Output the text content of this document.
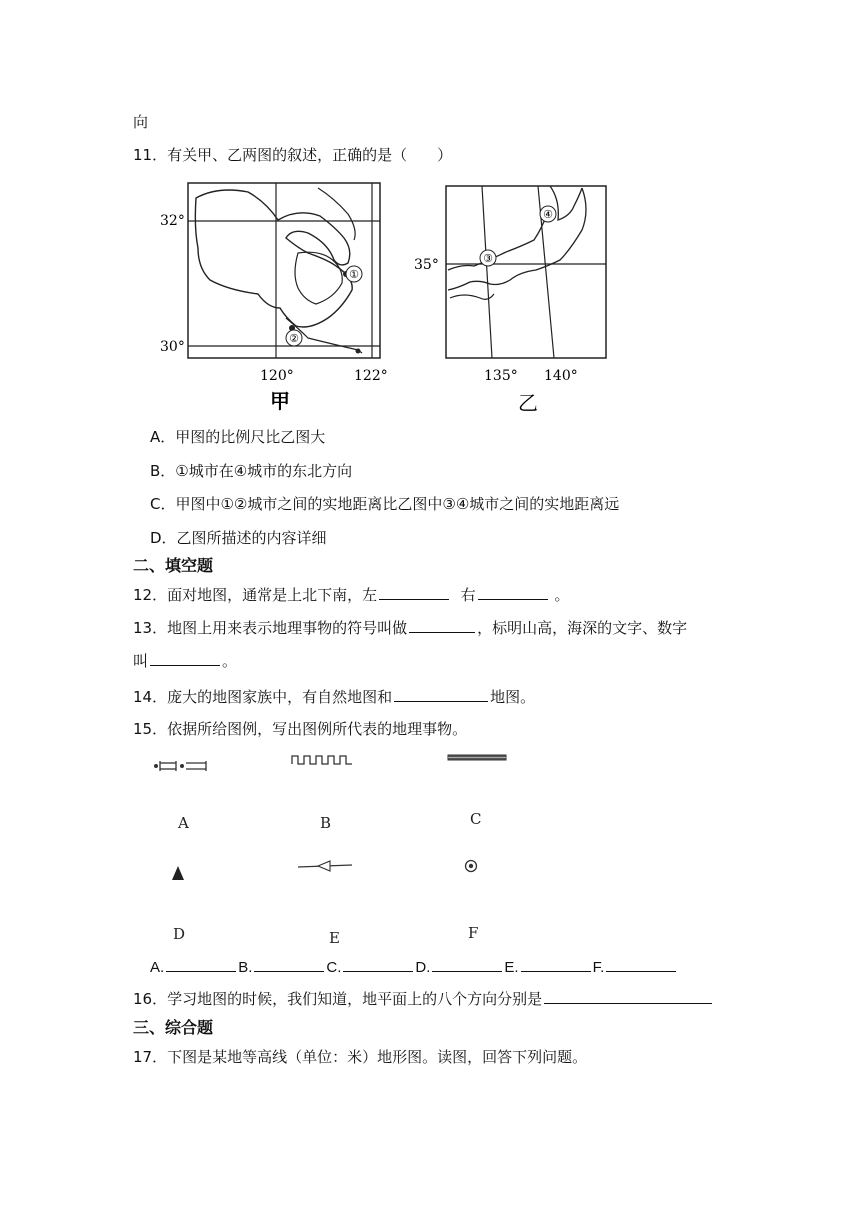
向
11．有关甲、乙两图的叙述，正确的是（　　）
①
②
32°
30°
120°	122°
甲
③
④
35°
135° 140°
乙
A．甲图的比例尺比乙图大
B．①城市在④城市的东北方向
C．甲图中①②城市之间的实地距离比乙图中③④城市之间的实地距离远
D．乙图所描述的内容详细
二、填空题
12．面对地图，通常是上北下南，左	右	。
13．地图上用来表示地理事物的符号叫做	，标明山高，海深的文字、数字
叫	。
14．庞大的地图家族中，有自然地图和	地图。
15．依据所给图例，写出图例所代表的地理事物。
A	B	C
D	E	F
A.	B.	C.	D.	E.	F.
16．学习地图的时候，我们知道，地平面上的八个方向分别是
三、综合题
17．下图是某地等高线（单位：米）地形图。读图，回答下列问题。
